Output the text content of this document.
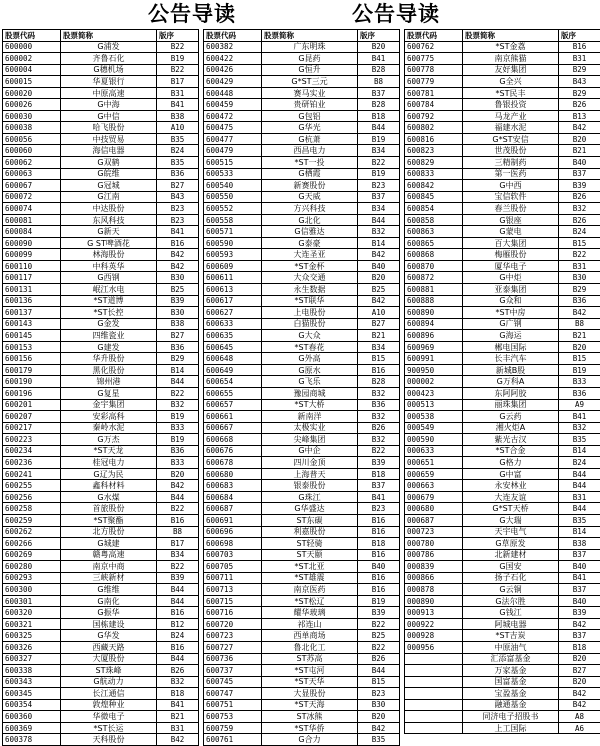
公告导读	公告导读
股票代码	股票简称	版序
600000	G浦发	B22
600002	齐鲁石化	B19
600004	G穗机场	B22
600015	华夏银行	B17
600020	中原高速	B31
600026	G中海	B41
600030	G中信	B38
600038	哈飞股份	A10
600056	中技贸易	B35
600060	海信电器	B24
600062	G双鹤	B35
600063	G皖维	B36
600067	G冠城	B27
600072	G江南	B43
600074	中达股份	B23
600081	东风科技	B23
600084	G新天	B41
600090	G ST啤酒花	B16
600099	林海股份	B42
600110	中科英华	B42
600117	G西钢	B30
600131	岷江水电	B25
600136	*ST道博	B39
600137	*ST长控	B30
600143	G金发	B38
600145	四维瓷业	B27
600153	G建发	B36
600156	华升股份	B29
600179	黑化股份	B14
600190	锦州港	B44
600196	G复星	B22
600201	金宇集团	B32
600207	安彩高科	B19
600217	秦岭水泥	B33
600223	G万杰	B19
600234	*ST天龙	B36
600236	桂冠电力	B33
600241	G辽为民	B20
600255	鑫科材料	B42
600256	G水煤	B44
600258	首旅股份	B22
600259	*ST聚酯	B16
600262	北方股份	B8
600266	G城建	B17
600269	赣粤高速	B34
600280	南京中商	B22
600293	三峡新材	B39
600300	G维维	B44
600301	G南化	B44
600320	G振华	B16
600321	国栋建设	B12
600325	G华发	B24
600326	西藏天路	B16
600327	大厦股份	B44
600338	ST珠峰	B26
600343	G航动力	B32
600345	长江通信	B18
600354	敦煌种业	B41
600360	华微电子	B21
600369	*ST长运	B31
600378	天科股份	B42
股票代码	股票简称	版序
600382	广东明珠	B20
600422	G昆药	B41
600426	G恒升	B28
600429	G*ST三元	B8
600448	赛马实业	B37
600459	贵研铂业	B28
600472	G包铝	B18
600475	G华光	B44
600477	G杭萧	B19
600479	西昌电力	B34
600515	*ST一投	B22
600533	G栖霞	B19
600540	新赛股份	B23
600550	G天威	B37
600552	方兴科技	B34
600558	G北化	B44
600571	G信雅达	B32
600590	G泰豪	B14
600593	大连圣亚	B42
600609	*ST金杯	B40
600611	大众交通	B20
600613	永生数据	B25
600617	*ST联华	B42
600627	上电股份	A10
600633	白猫股份	B27
600635	G大众	B21
600645	*ST春花	B34
600648	G外高	B15
600649	G原水	B16
600654	G飞乐	B28
600655	豫园商城	B32
600657	*ST大桥	B36
600661	新南洋	B32
600667	太极实业	B26
600668	尖峰集团	B32
600676	G中企	B22
600678	四川金顶	B39
600680	上海普天	B18
600683	银泰股份	B37
600684	G珠江	B41
600687	G华盛达	B23
600691	ST东碳	B16
600696	利嘉股份	B16
600698	ST轻骑	B18
600703	ST天颐	B16
600705	*ST北亚	B40
600711	*ST雄震	B16
600713	南京医药	B16
600715	*ST松辽	B19
600716	耀华玻璃	B39
600720	祁连山	B22
600723	西单商场	B25
600727	鲁北化工	B22
600736	ST苏高	B26
600737	*ST屯河	B44
600745	*ST天华	B15
600747	大显股份	B23
600751	*ST天海	B30
600753	ST冰熊	B20
600759	*ST华侨	B42
600761	G合力	B35
股票代码	股票简称	版序
600762	*ST金荔	B16
600775	南京熊猫	B31
600778	友好集团	B29
600779	G全兴	B43
600781	*ST民丰	B29
600784	鲁银投资	B26
600792	马龙产业	B13
600802	福建水泥	B42
600816	G*ST安信	B20
600823	世茂股份	B21
600829	三精制药	B40
600833	第一医药	B37
600842	G中西	B39
600845	宝信软件	B26
600854	春兰股份	B32
600858	G银座	B26
600863	G蒙电	B24
600865	百大集团	B15
600868	梅雁股份	B22
600870	厦华电子	B31
600872	G中炬	B30
600881	亚泰集团	B29
600888	G众和	B36
600890	*ST中房	B42
600894	G广钢	B8
600896	G海运	B21
600969	郴电国际	B20
600991	长丰汽车	B15
900950	新城B股	B19
000002	G万科A	B33
000423	东阿阿胶	B36
000513	丽珠集团	A9
000538	G云药	B41
000549	湘火炬A	B32
000590	紫光古汉	B35
000633	*ST合金	B14
000651	G格力	B24
000659	G中富	B44
000663	永安林业	B44
000679	大连友谊	B31
000680	G*ST天桥	B44
000687	G大瑞	B35
000723	天宇电气	B14
000780	G草原发	B38
000786	北新建材	B37
000839	G国安	B40
000866	扬子石化	B41
000878	G云铜	B37
000890	G法尔胜	B40
000913	G钱江	B39
000922	阿城电器	B42
000928	*ST吉炭	B37
000956	中原油气	B18
	汇添富基金	B20
	万家基金	B27
	国富基金	B20
	宝盈基金	B42
	融通基金	B42
	同济电子招股书	A8
	上工国际	A6
